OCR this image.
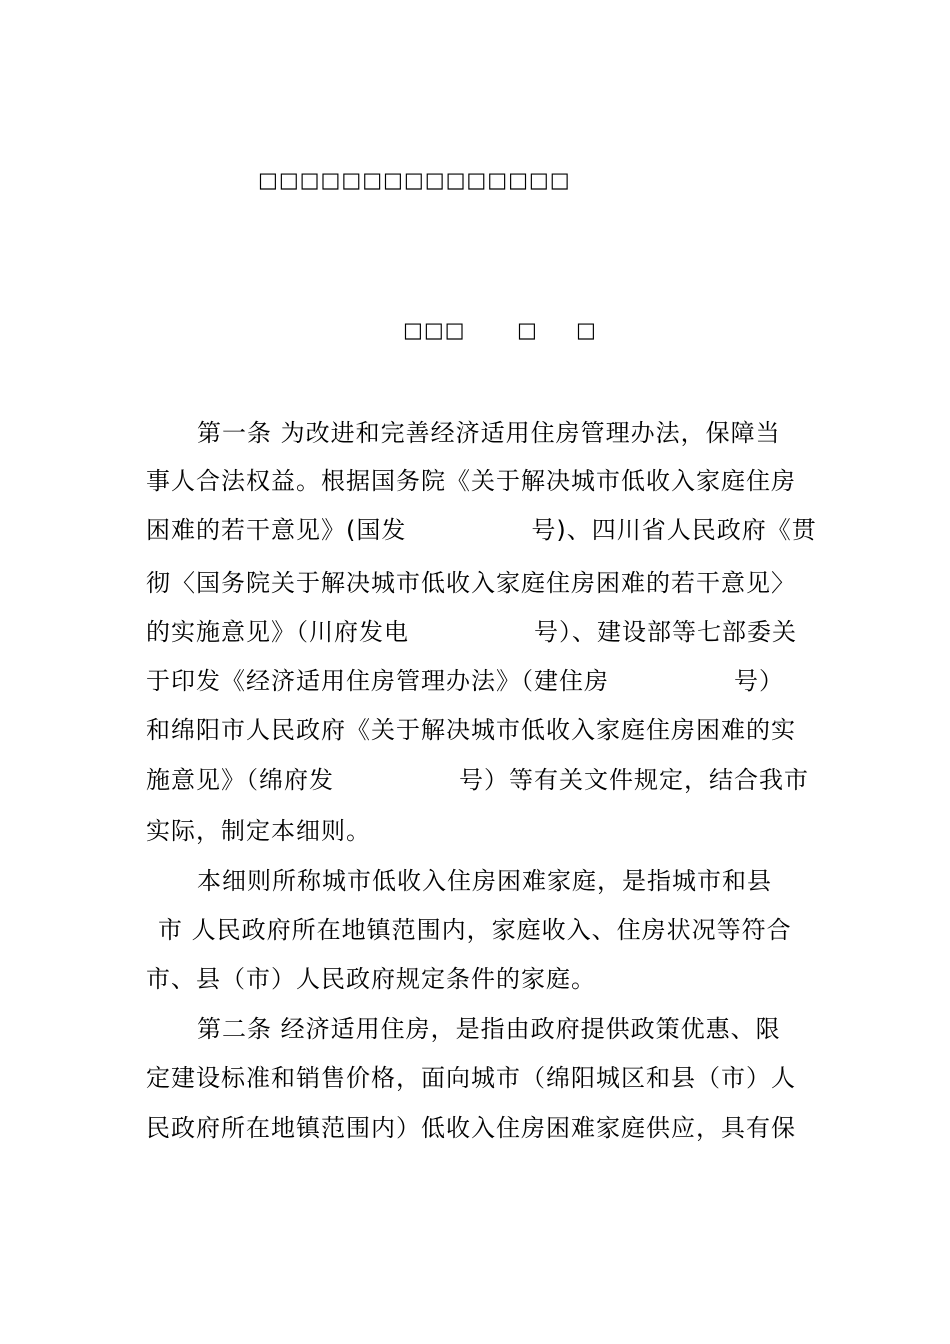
□□□□□□□□□□□□□□□
□□□ □ □
第一条 为改进和完善经济适用住房管理办法，保障当
事人合法权益。根据国务院《关于解决城市低收入家庭住房
困难的若干意见》(国发　　　　　号)、四川省人民政府《贯
彻〈国务院关于解决城市低收入家庭住房困难的若干意见〉
的实施意见》（川府发电　　　　　号）、建设部等七部委关
于印发《经济适用住房管理办法》（建住房　　　　　号）
和绵阳市人民政府《关于解决城市低收入家庭住房困难的实
施意见》（绵府发　　　　　号）等有关文件规定，结合我市
实际，制定本细则。
本细则所称城市低收入住房困难家庭，是指城市和县
市 人民政府所在地镇范围内，家庭收入、住房状况等符合
市、县（市）人民政府规定条件的家庭。
第二条 经济适用住房，是指由政府提供政策优惠、限
定建设标准和销售价格，面向城市（绵阳城区和县（市）人
民政府所在地镇范围内）低收入住房困难家庭供应，具有保
